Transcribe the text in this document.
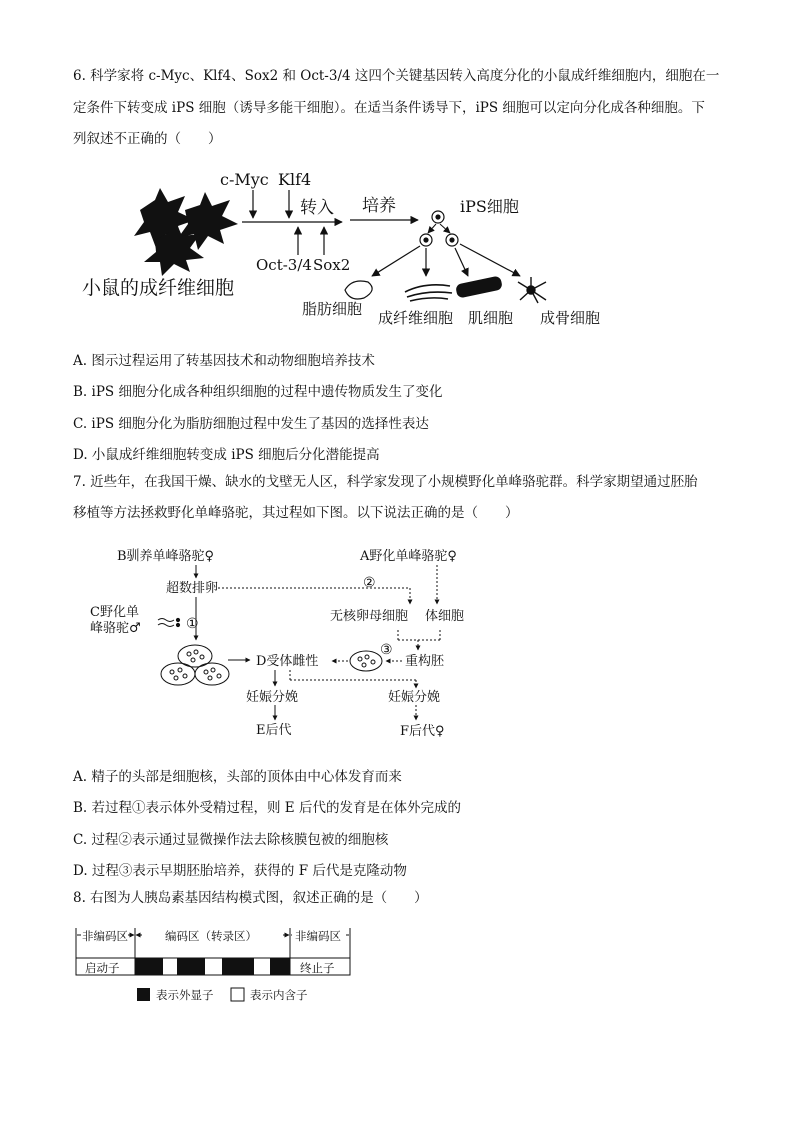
6. 科学家将 c-Myc、Klf4、Sox2 和 Oct-3/4 这四个关键基因转入高度分化的小鼠成纤维细胞内，细胞在一
定条件下转变成 iPS 细胞（诱导多能干细胞）。在适当条件诱导下，iPS 细胞可以定向分化成各种细胞。下
列叙述不正确的（　　）
小鼠的成纤维细胞
c-Myc Klf4
转入
Oct-3/4 Sox2
培养	iPS细胞
脂肪细胞 成纤维细胞 肌细胞 成骨细胞
A. 图示过程运用了转基因技术和动物细胞培养技术
B. iPS 细胞分化成各种组织细胞的过程中遗传物质发生了变化
C. iPS 细胞分化为脂肪细胞过程中发生了基因的选择性表达
D. 小鼠成纤维细胞转变成 iPS 细胞后分化潜能提高
7. 近些年，在我国干燥、缺水的戈壁无人区，科学家发现了小规模野化单峰骆驼群。科学家期望通过胚胎
移植等方法拯救野化单峰骆驼，其过程如下图。以下说法正确的是（　　）
B驯养单峰骆驼♀	A野化单峰骆驼♀
超数排卵
C野化单
峰骆驼♂
无核卵母细胞 体细胞
D受体雌性	重构胚
妊娠分娩	妊娠分娩
E后代	F后代♀
①
②
③
A. 精子的头部是细胞核，头部的顶体由中心体发育而来
B. 若过程①表示体外受精过程，则 E 后代的发育是在体外完成的
C. 过程②表示通过显微操作法去除核膜包被的细胞核
D. 过程③表示早期胚胎培养，获得的 F 后代是克隆动物
8. 右图为人胰岛素基因结构模式图，叙述正确的是（　　）
非编码区	编码区（转录区）	非编码区
启动子	终止子
表示外显子	表示内含子
